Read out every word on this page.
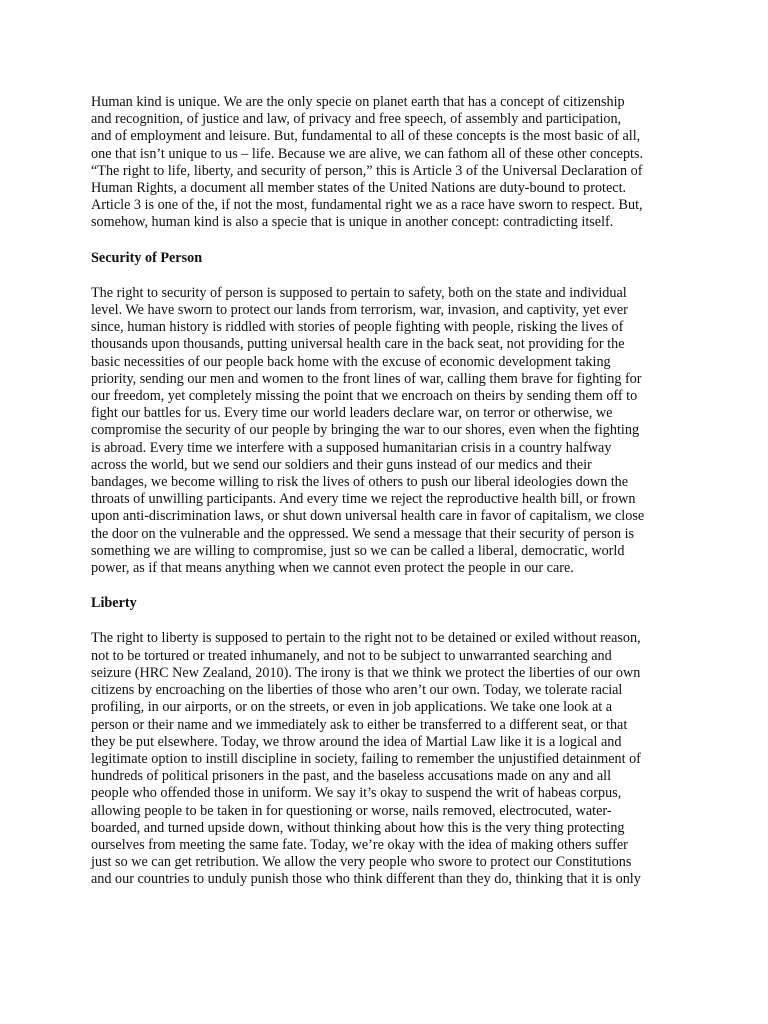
Human kind is unique. We are the only specie on planet earth that has a concept of citizenship
and recognition, of justice and law, of privacy and free speech, of assembly and participation,
and of employment and leisure. But, fundamental to all of these concepts is the most basic of all,
one that isn’t unique to us – life. Because we are alive, we can fathom all of these other concepts.
“The right to life, liberty, and security of person,” this is Article 3 of the Universal Declaration of
Human Rights, a document all member states of the United Nations are duty-bound to protect.
Article 3 is one of the, if not the most, fundamental right we as a race have sworn to respect. But,
somehow, human kind is also a specie that is unique in another concept: contradicting itself.
Security of Person
The right to security of person is supposed to pertain to safety, both on the state and individual
level. We have sworn to protect our lands from terrorism, war, invasion, and captivity, yet ever
since, human history is riddled with stories of people fighting with people, risking the lives of
thousands upon thousands, putting universal health care in the back seat, not providing for the
basic necessities of our people back home with the excuse of economic development taking
priority, sending our men and women to the front lines of war, calling them brave for fighting for
our freedom, yet completely missing the point that we encroach on theirs by sending them off to
fight our battles for us. Every time our world leaders declare war, on terror or otherwise, we
compromise the security of our people by bringing the war to our shores, even when the fighting
is abroad. Every time we interfere with a supposed humanitarian crisis in a country halfway
across the world, but we send our soldiers and their guns instead of our medics and their
bandages, we become willing to risk the lives of others to push our liberal ideologies down the
throats of unwilling participants. And every time we reject the reproductive health bill, or frown
upon anti-discrimination laws, or shut down universal health care in favor of capitalism, we close
the door on the vulnerable and the oppressed. We send a message that their security of person is
something we are willing to compromise, just so we can be called a liberal, democratic, world
power, as if that means anything when we cannot even protect the people in our care.
Liberty
The right to liberty is supposed to pertain to the right not to be detained or exiled without reason,
not to be tortured or treated inhumanely, and not to be subject to unwarranted searching and
seizure (HRC New Zealand, 2010). The irony is that we think we protect the liberties of our own
citizens by encroaching on the liberties of those who aren’t our own. Today, we tolerate racial
profiling, in our airports, or on the streets, or even in job applications. We take one look at a
person or their name and we immediately ask to either be transferred to a different seat, or that
they be put elsewhere. Today, we throw around the idea of Martial Law like it is a logical and
legitimate option to instill discipline in society, failing to remember the unjustified detainment of
hundreds of political prisoners in the past, and the baseless accusations made on any and all
people who offended those in uniform. We say it’s okay to suspend the writ of habeas corpus,
allowing people to be taken in for questioning or worse, nails removed, electrocuted, water-
boarded, and turned upside down, without thinking about how this is the very thing protecting
ourselves from meeting the same fate. Today, we’re okay with the idea of making others suffer
just so we can get retribution. We allow the very people who swore to protect our Constitutions
and our countries to unduly punish those who think different than they do, thinking that it is only
